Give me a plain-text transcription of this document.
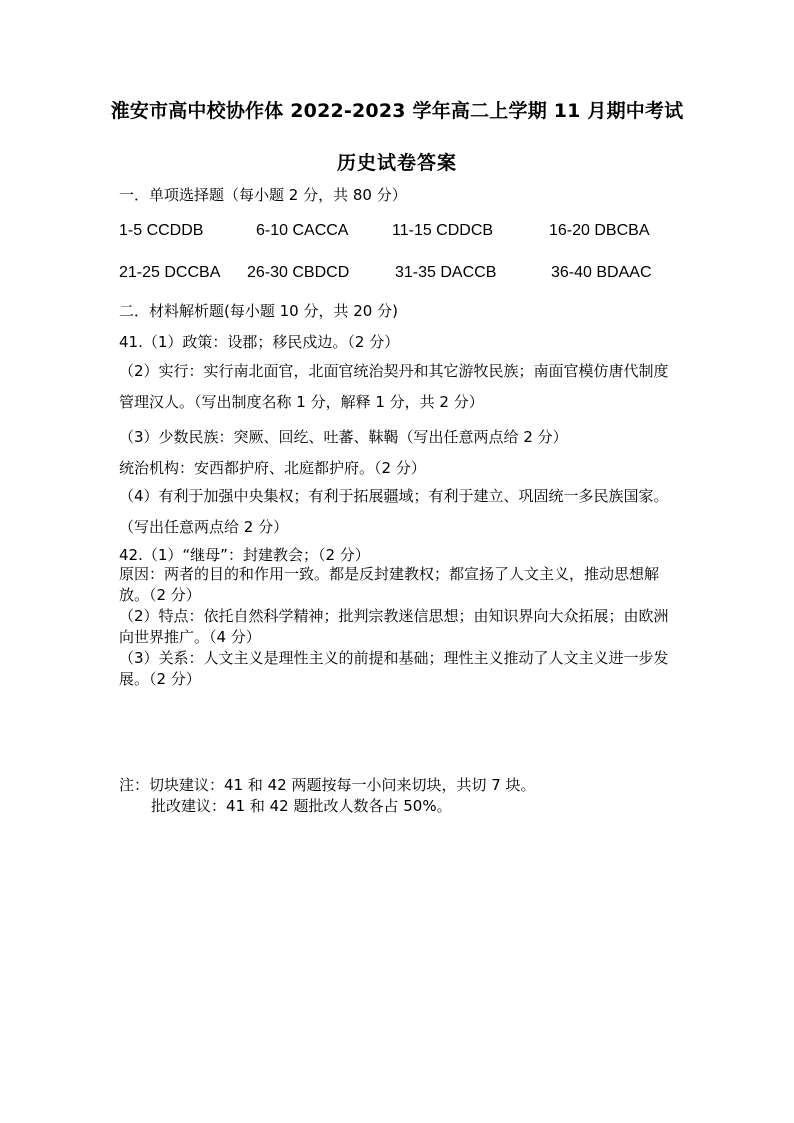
淮安市高中校协作体 2022-2023 学年高二上学期 11 月期中考试
历史试卷答案
一．单项选择题（每小题 2 分，共 80 分）
1-5 CCDDB	6-10 CACCA	11-15 CDDCB	16-20 DBCBA
21-25 DCCBA 26-30 CBDCD	31-35 DACCB	36-40 BDAAC
二．材料解析题(每小题 10 分，共 20 分)
41.（1）政策：设郡；移民戍边。（2 分）
（2）实行：实行南北面官，北面官统治契丹和其它游牧民族；南面官模仿唐代制度管理汉人。（写出制度名称 1 分，解释 1 分，共 2 分）
（3）少数民族：突厥、回纥、吐蕃、靺鞨（写出任意两点给 2 分）
统治机构：安西都护府、北庭都护府。（2 分）
（4）有利于加强中央集权；有利于拓展疆域；有利于建立、巩固统一多民族国家。（写出任意两点给 2 分）
42.（1）“继母”：封建教会；（2 分）
原因：两者的目的和作用一致。都是反封建教权；都宣扬了人文主义，推动思想解放。（2 分）
（2）特点：依托自然科学精神；批判宗教迷信思想；由知识界向大众拓展；由欧洲向世界推广。（4 分）
（3）关系：人文主义是理性主义的前提和基础；理性主义推动了人文主义进一步发展。（2 分）
注：切块建议：41 和 42 两题按每一小问来切块，共切 7 块。
批改建议：41 和 42 题批改人数各占 50%。
